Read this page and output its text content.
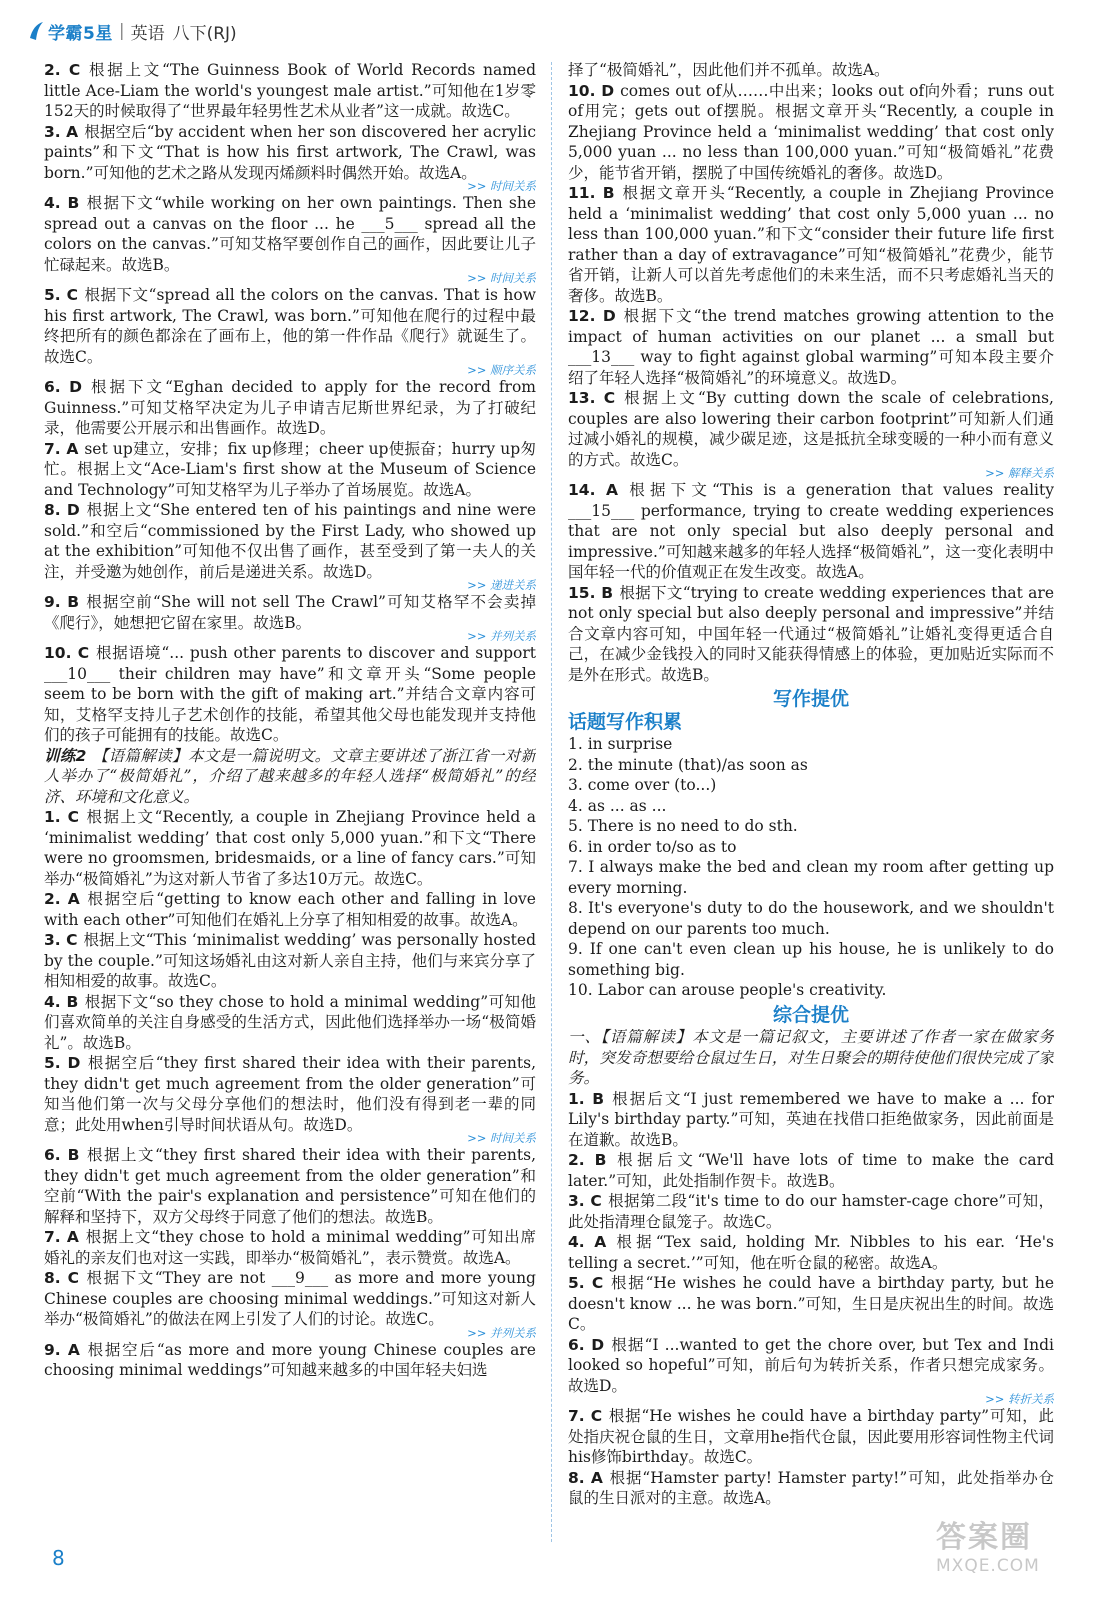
学霸5星 | 英语 八下(RJ)

2. C 根据上文“The Guinness Book of World Records named little Ace-Liam the world's youngest male artist.”可知他在1岁零152天的时候取得了“世界最年轻男性艺术从业者”这一成就。故选C。

3. A 根据空后“by accident when her son discovered her acrylic paints”和下文“That is how his first artwork, The Crawl, was born.”可知他的艺术之路从发现丙烯颜料时偶然开始。故选A。

>> 时间关系

4. B 根据下文“while working on her own paintings. Then she spread out a canvas on the floor ... he ___5___ spread all the colors on the canvas.”可知艾格罕要创作自己的画作，因此要让儿子忙碌起来。故选B。

>> 时间关系

5. C 根据下文“spread all the colors on the canvas. That is how his first artwork, The Crawl, was born.”可知他在爬行的过程中最终把所有的颜色都涂在了画布上，他的第一件作品《爬行》就诞生了。故选C。

>> 顺序关系

6. D 根据下文“Eghan decided to apply for the record from Guinness.”可知艾格罕决定为儿子申请吉尼斯世界纪录，为了打破纪录，他需要公开展示和出售画作。故选D。

7. A set up建立，安排；fix up修理；cheer up使振奋；hurry up匆忙。根据上文“Ace-Liam's first show at the Museum of Science and Technology”可知艾格罕为儿子举办了首场展览。故选A。

8. D 根据上文“She entered ten of his paintings and nine were sold.”和空后“commissioned by the First Lady, who showed up at the exhibition”可知他不仅出售了画作，甚至受到了第一夫人的关注，并受邀为她创作，前后是递进关系。故选D。

>> 递进关系

9. B 根据空前“She will not sell The Crawl”可知艾格罕不会卖掉《爬行》，她想把它留在家里。故选B。

>> 并列关系

10. C 根据语境“... push other parents to discover and support ___10___ their children may have”和文章开头“Some people seem to be born with the gift of making art.”并结合文章内容可知，艾格罕支持儿子艺术创作的技能，希望其他父母也能发现并支持他们的孩子可能拥有的技能。故选C。

训练2 【语篇解读】本文是一篇说明文。文章主要讲述了浙江省一对新人举办了“极简婚礼”，介绍了越来越多的年轻人选择“极简婚礼”的经济、环境和文化意义。

1. C 根据上文“Recently, a couple in Zhejiang Province held a ‘minimalist wedding’ that cost only 5,000 yuan.”和下文“There were no groomsmen, bridesmaids, or a line of fancy cars.”可知举办“极简婚礼”为这对新人节省了多达10万元。故选C。

2. A 根据空后“getting to know each other and falling in love with each other”可知他们在婚礼上分享了相知相爱的故事。故选A。

3. C 根据上文“This ‘minimalist wedding’ was personally hosted by the couple.”可知这场婚礼由这对新人亲自主持，他们与来宾分享了相知相爱的故事。故选C。

4. B 根据下文“so they chose to hold a minimal wedding”可知他们喜欢简单的关注自身感受的生活方式，因此他们选择举办一场“极简婚礼”。故选B。

5. D 根据空后“they first shared their idea with their parents, they didn't get much agreement from the older generation”可知当他们第一次与父母分享他们的想法时，他们没有得到老一辈的同意；此处用when引导时间状语从句。故选D。

>> 时间关系

6. B 根据上文“they first shared their idea with their parents, they didn't get much agreement from the older generation”和空前“With the pair's explanation and persistence”可知在他们的解释和坚持下，双方父母终于同意了他们的想法。故选B。

7. A 根据上文“they chose to hold a minimal wedding”可知出席婚礼的亲友们也对这一实践，即举办“极简婚礼”，表示赞赏。故选A。

8. C 根据下文“They are not ___9___ as more and more young Chinese couples are choosing minimal weddings.”可知这对新人举办“极简婚礼”的做法在网上引发了人们的讨论。故选C。

>> 并列关系

9. A 根据空后“as more and more young Chinese couples are choosing minimal weddings”可知越来越多的中国年轻夫妇选

择了“极简婚礼”，因此他们并不孤单。故选A。

10. D comes out of从……中出来；looks out of向外看；runs out of用完；gets out of摆脱。根据文章开头“Recently, a couple in Zhejiang Province held a ‘minimalist wedding’ that cost only 5,000 yuan ... no less than 100,000 yuan.”可知“极简婚礼”花费少，能节省开销，摆脱了中国传统婚礼的奢侈。故选D。

11. B 根据文章开头“Recently, a couple in Zhejiang Province held a ‘minimalist wedding’ that cost only 5,000 yuan ... no less than 100,000 yuan.”和下文“consider their future life first rather than a day of extravagance”可知“极简婚礼”花费少，能节省开销，让新人可以首先考虑他们的未来生活，而不只考虑婚礼当天的奢侈。故选B。

12. D 根据下文“the trend matches growing attention to the impact of human activities on our planet ... a small but ___13___ way to fight against global warming”可知本段主要介绍了年轻人选择“极简婚礼”的环境意义。故选D。

13. C 根据上文“By cutting down the scale of celebrations, couples are also lowering their carbon footprint”可知新人们通过减小婚礼的规模，减少碳足迹，这是抵抗全球变暖的一种小而有意义的方式。故选C。

>> 解释关系

14. A 根据下文“This is a generation that values reality ___15___ performance, trying to create wedding experiences that are not only special but also deeply personal and impressive.”可知越来越多的年轻人选择“极简婚礼”，这一变化表明中国年轻一代的价值观正在发生改变。故选A。

15. B 根据下文“trying to create wedding experiences that are not only special but also deeply personal and impressive”并结合文章内容可知，中国年轻一代通过“极简婚礼”让婚礼变得更适合自己，在减少金钱投入的同时又能获得情感上的体验，更加贴近实际而不是外在形式。故选B。

写作提优
话题写作积累

1. in surprise

2. the minute (that)/as soon as

3. come over (to...)

4. as ... as ...

5. There is no need to do sth.

6. in order to/so as to

7. I always make the bed and clean my room after getting up every morning.

8. It's everyone's duty to do the housework, and we shouldn't depend on our parents too much.

9. If one can't even clean up his house, he is unlikely to do something big.

10. Labor can arouse people's creativity.

综合提优

一、【语篇解读】本文是一篇记叙文，主要讲述了作者一家在做家务时，突发奇想要给仓鼠过生日，对生日聚会的期待使他们很快完成了家务。

1. B 根据后文“I just remembered we have to make a ... for Lily's birthday party.”可知，英迪在找借口拒绝做家务，因此前面是在道歉。故选B。

2. B 根据后文“We'll have lots of time to make the card later.”可知，此处指制作贺卡。故选B。

3. C 根据第二段“it's time to do our hamster-cage chore”可知，此处指清理仓鼠笼子。故选C。

4. A 根据“Tex said, holding Mr. Nibbles to his ear. ‘He's telling a secret.’”可知，他在听仓鼠的秘密。故选A。

5. C 根据“He wishes he could have a birthday party, but he doesn't know ... he was born.”可知，生日是庆祝出生的时间。故选C。

6. D 根据“I ...wanted to get the chore over, but Tex and Indi looked so hopeful”可知，前后句为转折关系，作者只想完成家务。故选D。

>> 转折关系

7. C 根据“He wishes he could have a birthday party”可知，此处指庆祝仓鼠的生日，文章用he指代仓鼠，因此要用形容词性物主代词his修饰birthday。故选C。

8. A 根据“Hamster party! Hamster party!”可知，此处指举办仓鼠的生日派对的主意。故选A。

8
答案圈
MXQE.COM
